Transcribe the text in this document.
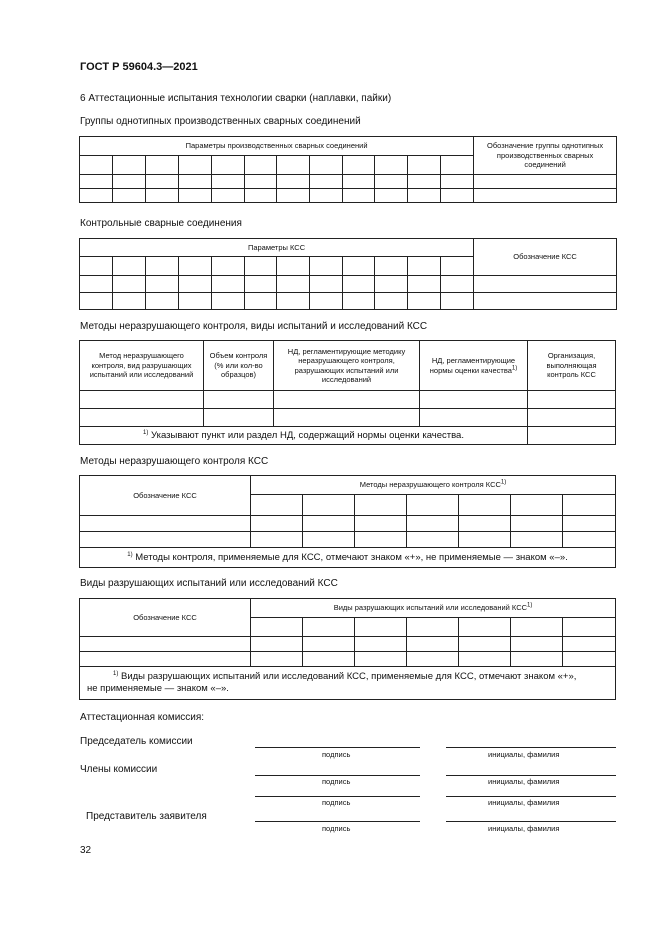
ГОСТ Р 59604.3—2021
6 Аттестационные испытания технологии сварки (наплавки, пайки)
Группы однотипных производственных сварных соединений
Параметры производственных сварных соединений												Обозначение группы однотипных производственных сварных соединений

Контрольные сварные соединения
Параметры КСС												Обозначение КСС

Методы неразрушающего контроля, виды испытаний и исследований КСС
Метод неразрушающего контроля, вид разрушающих испытаний или исследований	Объем контроля (% или кол-во образцов)	НД, регламентирующие методику неразрушающего контроля, разрушающих испытаний или исследований	НД, регламентирующие нормы оценки качества$^{1)}$	Организация, выполняющая контроль КСС

$^{1)}$ Указывают пункт или раздел НД, содержащий нормы оценки качества.				
Методы неразрушающего контроля КСС
Обозначение КСС	Методы неразрушающего контроля КСС$^{1)}$

$^{1)}$ Методы контроля, применяемые для КСС, отмечают знаком «+», не применяемые — знаком «–».							
Виды разрушающих испытаний или исследований КСС
Обозначение КСС	Виды разрушающих испытаний или исследований КСС$^{1)}$

$^{1)}$ Виды разрушающих испытаний или исследований КСС, применяемые для КСС, отмечают знаком «+»,
не применяемые — знаком «–».							
Аттестационная комиссия:
Председатель комиссии
подпись	инициалы, фамилия
Члены комиссии
подпись	инициалы, фамилия
подпись	инициалы, фамилия
Представитель заявителя
подпись	инициалы, фамилия
32
